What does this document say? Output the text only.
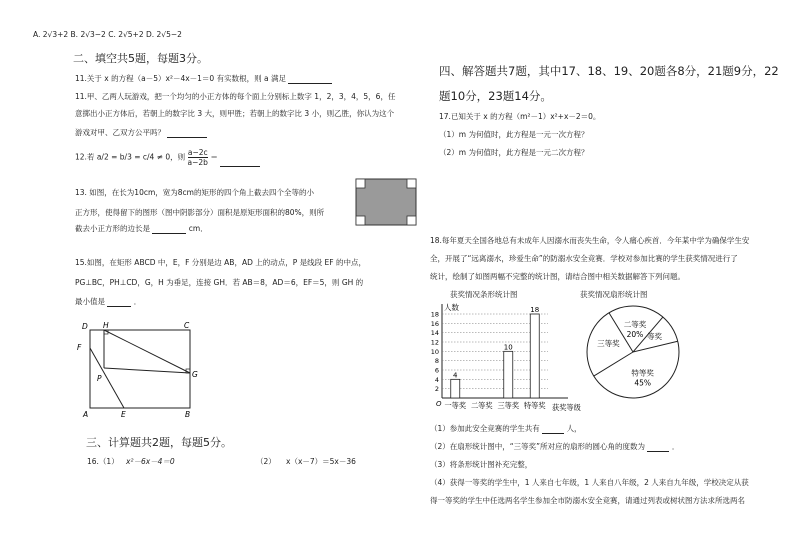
A. 2√3+2 B. 2√3−2 C. 2√5+2 D. 2√5−2
二、填空共5题，每题3分。
11.关于 x 的方程（a－5）x²－4x－1＝0 有实数根，则 a 满足
11.甲、乙两人玩游戏，把一个均匀的小正方体的每个面上分别标上数字 1，2，3，4，5，6，任
意掷出小正方体后，若朝上的数字比 3 大，则甲胜；若朝上的数字比 3 小，则乙胜，你认为这个
游戏对甲、乙双方公平吗？
12.若 a/2 = b/3 = c/4 ≠ 0，则 $\frac{a-2c}{a-2b}$ ＝
13. 如图，在长为10cm，宽为8cm的矩形的四个角上截去四个全等的小
正方形，使得留下的图形（图中阴影部分）面积是原矩形面积的80%，则所
截去小正方形的边长是	cm．
15.如图，在矩形 ABCD 中，E，F 分别是边 AB，AD 上的动点，P 是线段 EF 的中点，
PG⊥BC，PH⊥CD，G，H 为垂足，连接 GH．若 AB＝8，AD＝6，EF＝5，则 GH 的
最小值是	．
D H	C
F
P	G
A	E	B
三、计算题共2题，每题5分。
16.（1） x²－6x－4＝0	（2） x（x－7）＝5x－36
四、解答题共7题，其中17、18、19、20题各8分，21题9分，22
题10分，23题14分。
17.已知关于 x 的方程（m²－1）x²+x－2＝0。
（1）m 为何值时，此方程是一元一次方程？
（2）m 为何值时，此方程是一元二次方程？
18.每年夏天全国各地总有未成年人因溺水而丧失生命，令人痛心疾首．今年某中学为确保学生安
全，开展了“远离溺水，珍爱生命”的防溺水安全竞赛．学校对参加比赛的学生获奖情况进行了
统计，绘制了如图两幅不完整的统计图，请结合图中相关数据解答下列问题。
获奖情况条形统计图
人数
O
2
4
6
8
10
12
14
16
18
一等奖
4
二等奖 三等奖
10
特等奖
18
获奖等级
获奖情况扇形统计图
二等奖
20% 等奖
特等奖
45%
三等奖
（1）参加此安全竞赛的学生共有	人，
（2）在扇形统计图中，“三等奖”所对应的扇形的圆心角的度数为	．
（3）将条形统计图补充完整，
（4）获得一等奖的学生中，1 人来自七年级，1 人来自八年级，2 人来自九年级，学校决定从获
得一等奖的学生中任选两名学生参加全市防溺水安全竞赛，请通过列表或树状图方法求所选两名
